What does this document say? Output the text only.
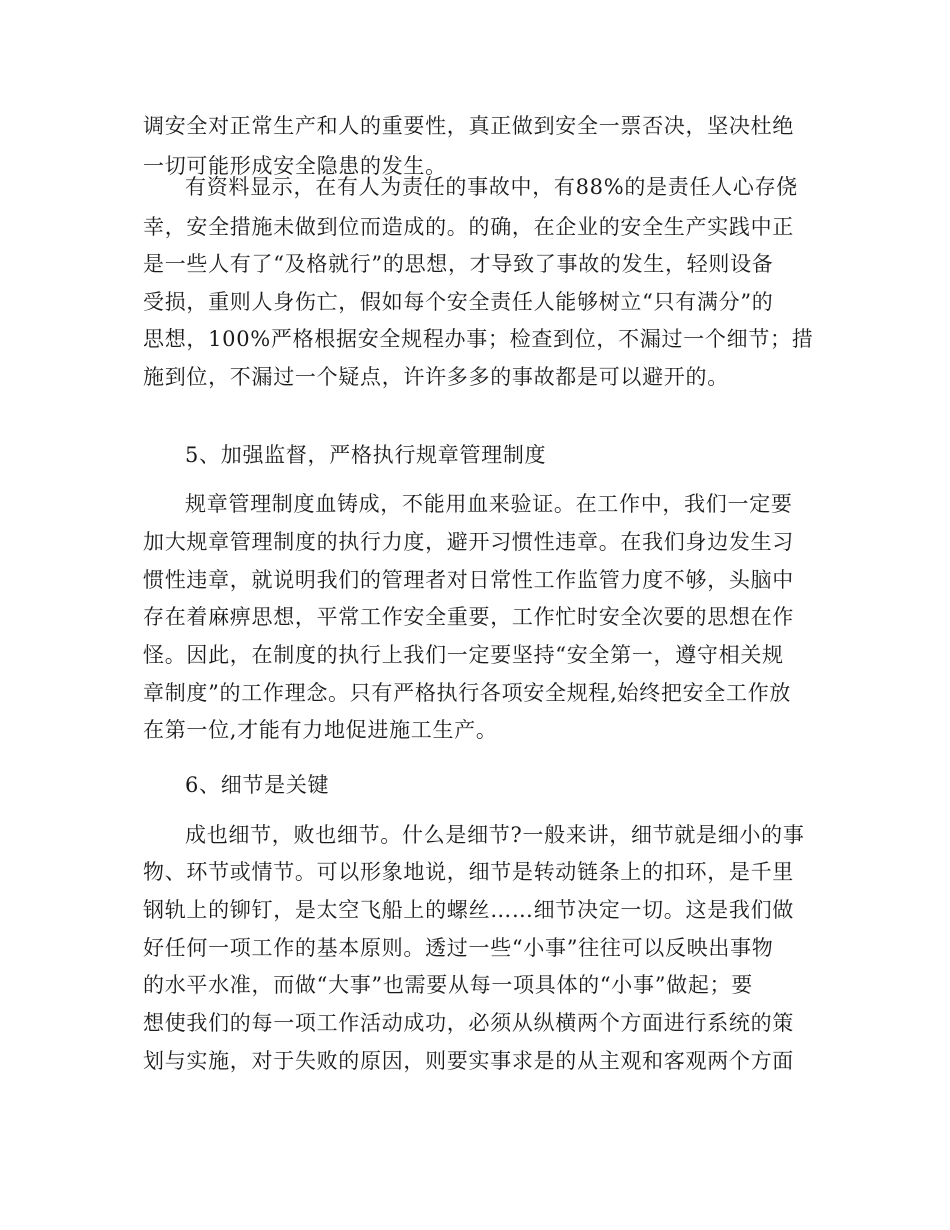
调安全对正常生产和人的重要性，真正做到安全一票否决，坚决杜绝
一切可能形成安全隐患的发生。
有资料显示，在有人为责任的事故中，有88%的是责任人心存侥
幸，安全措施未做到位而造成的。的确，在企业的安全生产实践中正
是一些人有了“及格就行”的思想，才导致了事故的发生，轻则设备
受损，重则人身伤亡，假如每个安全责任人能够树立“只有满分”的
思想，100%严格根据安全规程办事；检查到位，不漏过一个细节；措
施到位，不漏过一个疑点，许许多多的事故都是可以避开的。
5、加强监督，严格执行规章管理制度
规章管理制度血铸成，不能用血来验证。在工作中，我们一定要
加大规章管理制度的执行力度，避开习惯性违章。在我们身边发生习
惯性违章，就说明我们的管理者对日常性工作监管力度不够，头脑中
存在着麻痹思想，平常工作安全重要，工作忙时安全次要的思想在作
怪。因此，在制度的执行上我们一定要坚持“安全第一，遵守相关规
章制度”的工作理念。只有严格执行各项安全规程,始终把安全工作放
在第一位,才能有力地促进施工生产。
6、细节是关键
成也细节，败也细节。什么是细节?一般来讲，细节就是细小的事
物、环节或情节。可以形象地说，细节是转动链条上的扣环，是千里
钢轨上的铆钉，是太空飞船上的螺丝……细节决定一切。这是我们做
好任何一项工作的基本原则。透过一些“小事”往往可以反映出事物
的水平水准，而做“大事”也需要从每一项具体的“小事”做起；要
想使我们的每一项工作活动成功，必须从纵横两个方面进行系统的策
划与实施，对于失败的原因，则要实事求是的从主观和客观两个方面
